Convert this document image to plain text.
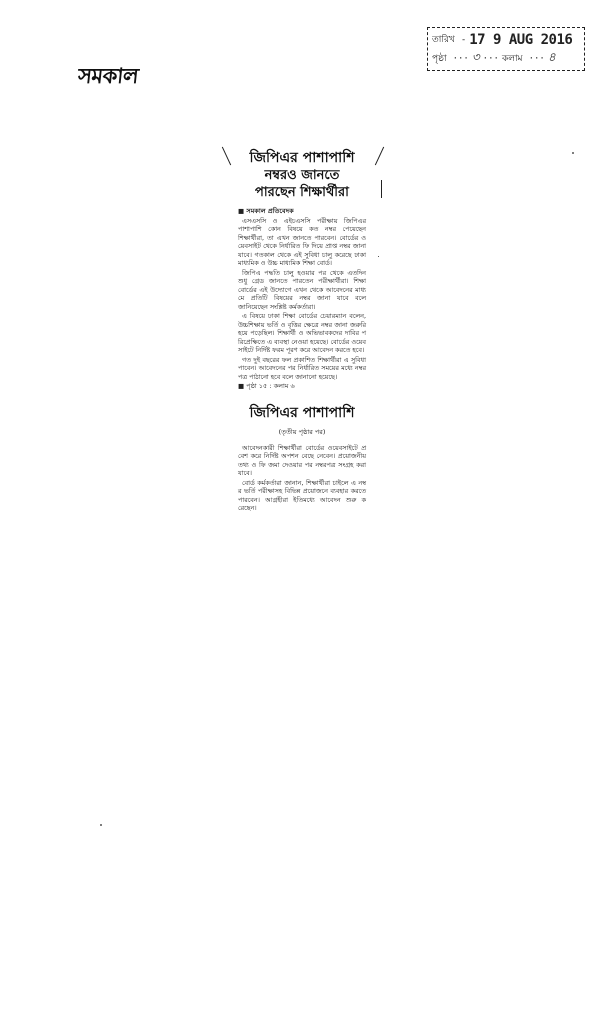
সমকাল
তারিখ - 17 9 AUG 2016
পৃষ্ঠা ··· ৩ ··· কলাম ··· ৪
জিপিএর পাশাপাশি
নম্বরও জানতে
পারছেন শিক্ষার্থীরা
■ সমকাল প্রতিবেদক

এসএসসি ও এইচএসসি পরীক্ষায় জিপিএর পাশাপাশি কোন বিষয়ে কত নম্বর পেয়েছেন শিক্ষার্থীরা, তা এখন জানতে পারবেন। বোর্ডের ওয়েবসাইট থেকে নির্ধারিত ফি দিয়ে প্রাপ্ত নম্বর জানা যাবে। গতকাল থেকে এই সুবিধা চালু করেছে ঢাকা মাধ্যমিক ও উচ্চ মাধ্যমিক শিক্ষা বোর্ড।

জিপিএ পদ্ধতি চালু হওয়ার পর থেকে এতদিন শুধু গ্রেড জানতে পারতেন পরীক্ষার্থীরা। শিক্ষা বোর্ডের এই উদ্যোগে এখন থেকে আবেদনের মাধ্যমে প্রতিটি বিষয়ের নম্বর জানা যাবে বলে জানিয়েছেন সংশ্লিষ্ট কর্মকর্তারা।

এ বিষয়ে ঢাকা শিক্ষা বোর্ডের চেয়ারম্যান বলেন, উচ্চশিক্ষায় ভর্তি ও বৃত্তির ক্ষেত্রে নম্বর জানা জরুরি হয়ে পড়েছিল। শিক্ষার্থী ও অভিভাবকদের দাবির পরিপ্রেক্ষিতে এ ব্যবস্থা নেওয়া হয়েছে। বোর্ডের ওয়েবসাইটে নির্দিষ্ট ফরম পূরণ করে আবেদন করতে হবে।

গত দুই বছরের ফল প্রকাশিত শিক্ষার্থীরা এ সুবিধা পাবেন। আবেদনের পর নির্ধারিত সময়ের মধ্যে নম্বরপত্র পাঠানো হবে বলে জানানো হয়েছে।

■ পৃষ্ঠা ১৫ : কলাম ৬
জিপিএর পাশাপাশি
(তৃতীয় পৃষ্ঠার পর)

আবেদনকারী শিক্ষার্থীরা বোর্ডের ওয়েবসাইটে প্রবেশ করে নির্দিষ্ট অপশন বেছে নেবেন। প্রয়োজনীয় তথ্য ও ফি জমা দেওয়ার পর নম্বরপত্র সংগ্রহ করা যাবে।

বোর্ড কর্মকর্তারা জানান, শিক্ষার্থীরা চাইলে এ নম্বর ভর্তি পরীক্ষাসহ বিভিন্ন প্রয়োজনে ব্যবহার করতে পারবেন। আগ্রহীরা ইতিমধ্যে আবেদন শুরু করেছেন।
